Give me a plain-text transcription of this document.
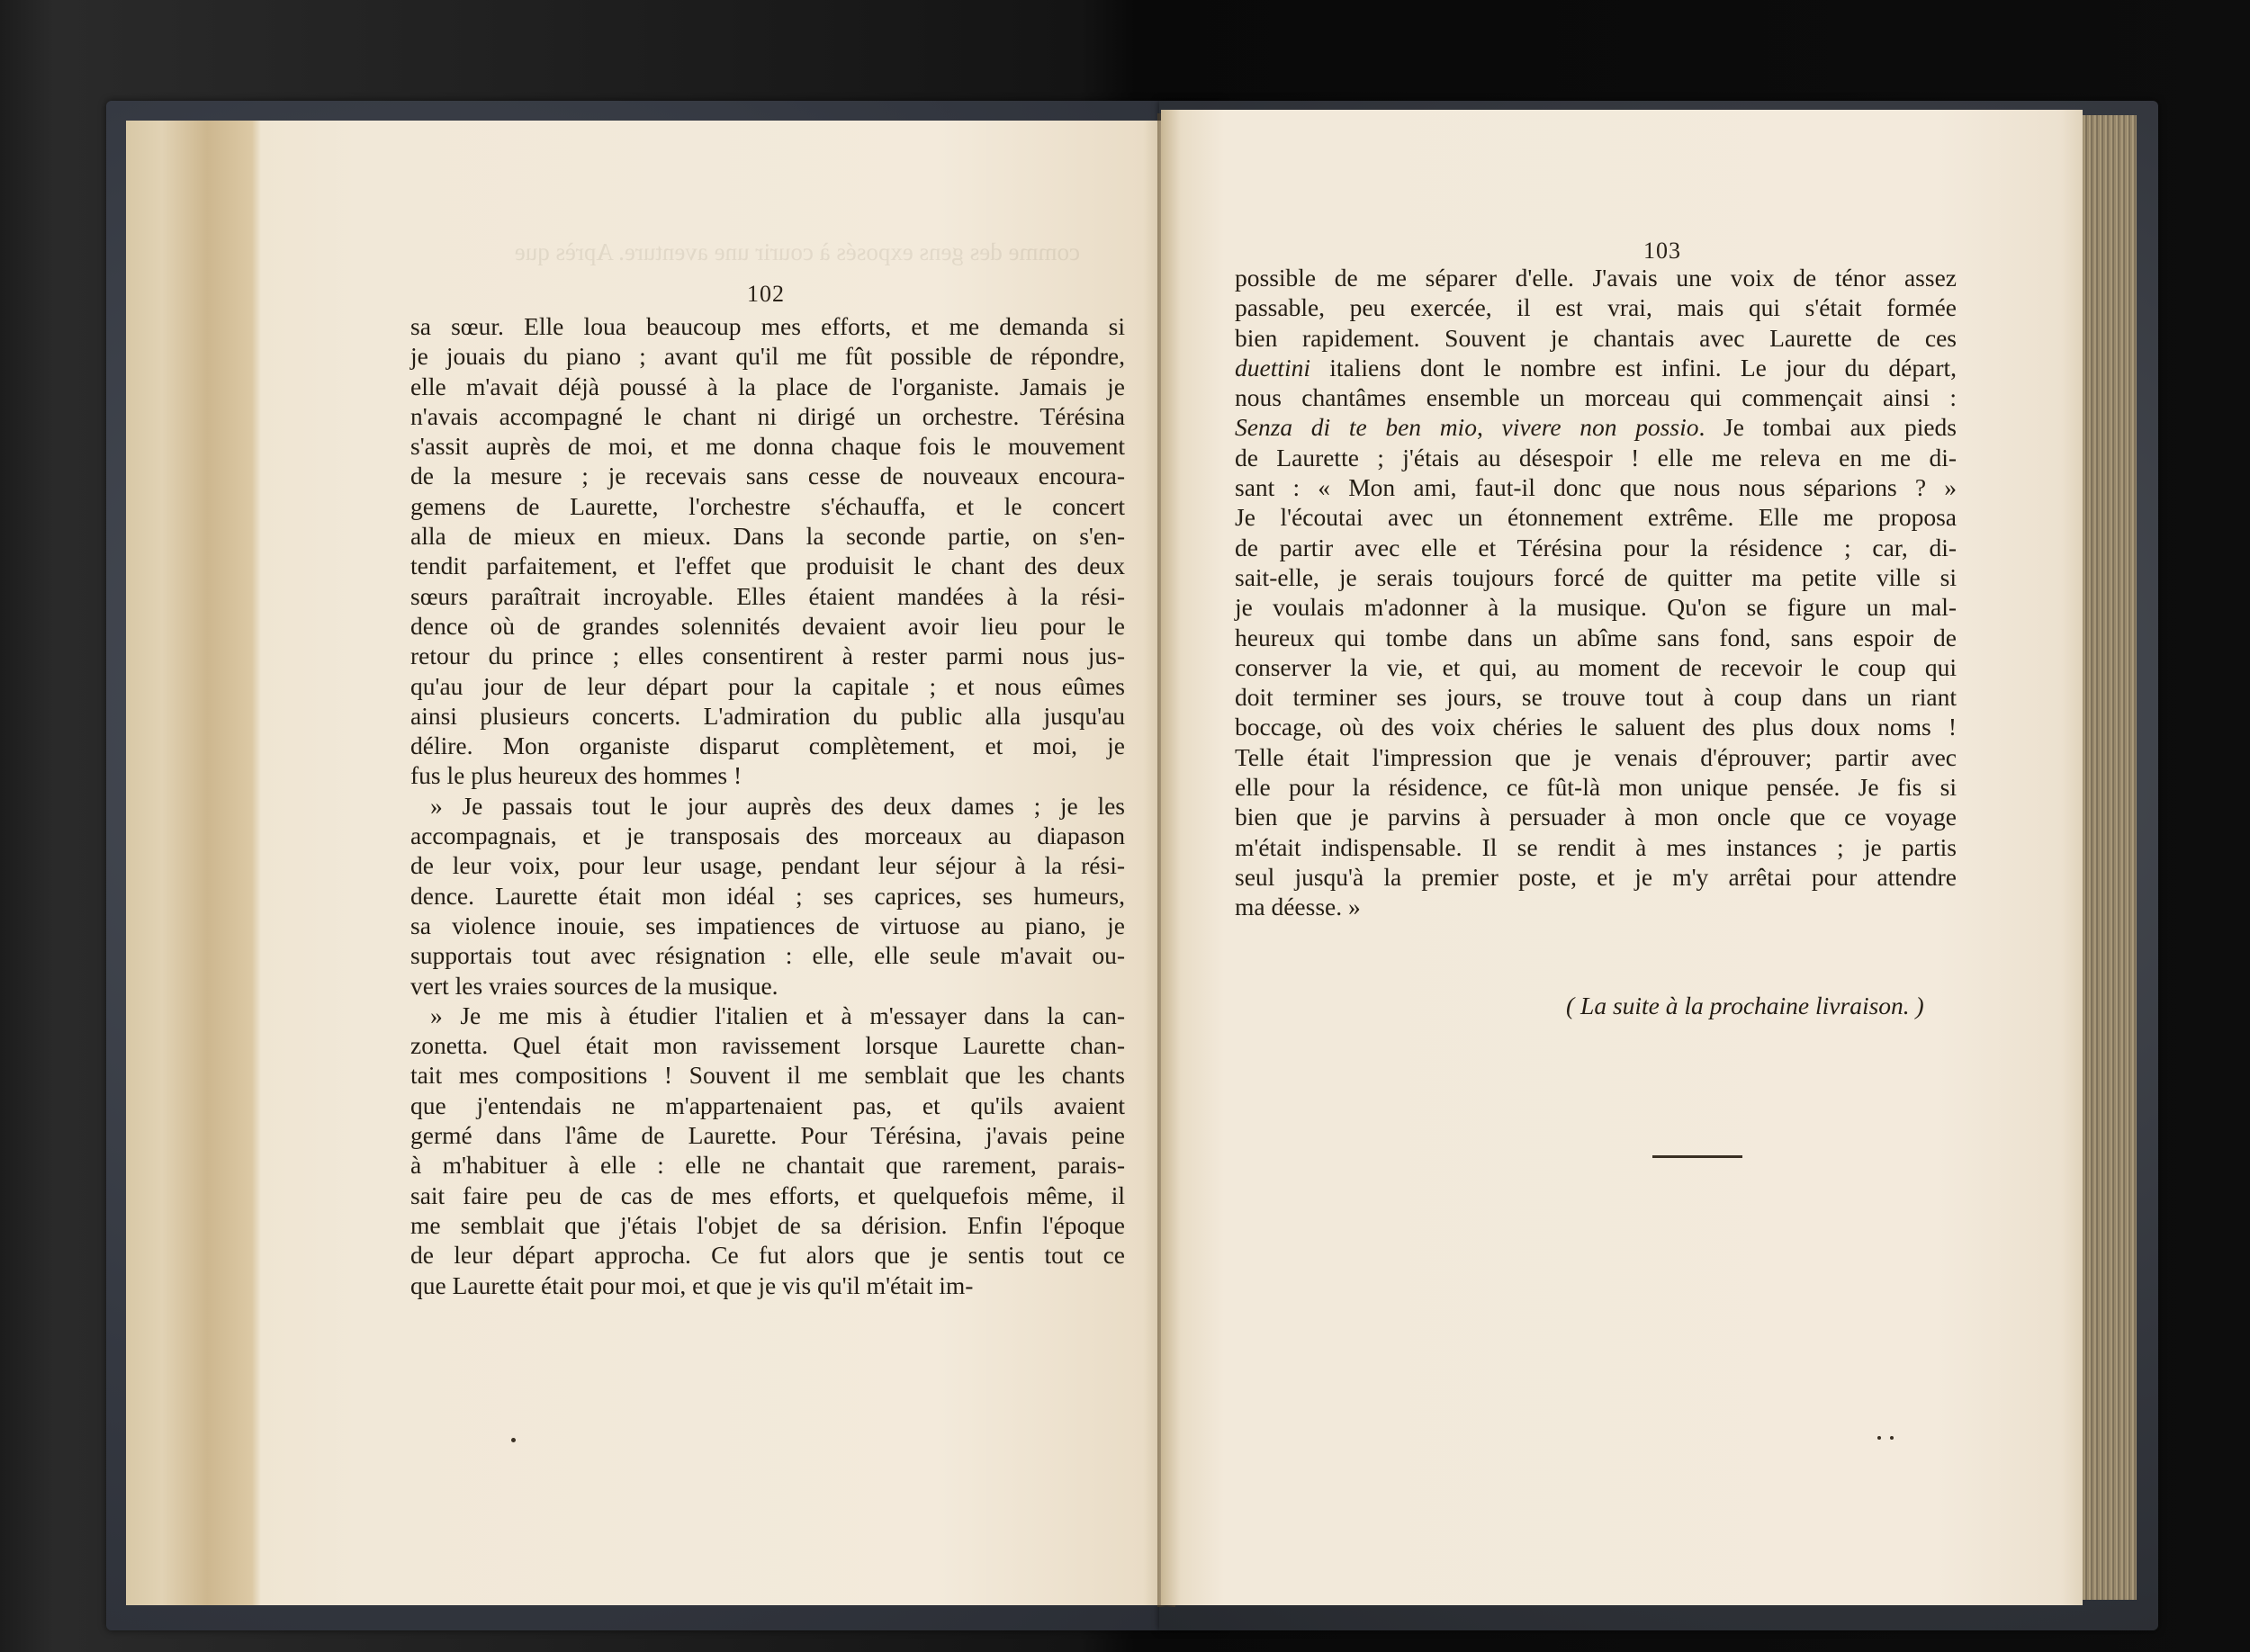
comme des gens exposés à courir une aventure. Après que
102
sa sœur. Elle loua beaucoup mes efforts, et me demanda si
je jouais du piano ; avant qu'il me fût possible de répondre,
elle m'avait déjà poussé à la place de l'organiste. Jamais je
n'avais accompagné le chant ni dirigé un orchestre. Térésina
s'assit auprès de moi, et me donna chaque fois le mouvement
de la mesure ; je recevais sans cesse de nouveaux encoura-
gemens de Laurette, l'orchestre s'échauffa, et le concert
alla de mieux en mieux. Dans la seconde partie, on s'en-
tendit parfaitement, et l'effet que produisit le chant des deux
sœurs paraîtrait incroyable. Elles étaient mandées à la rési-
dence où de grandes solennités devaient avoir lieu pour le
retour du prince ; elles consentirent à rester parmi nous jus-
qu'au jour de leur départ pour la capitale ; et nous eûmes
ainsi plusieurs concerts. L'admiration du public alla jusqu'au
délire. Mon organiste disparut complètement, et moi, je
fus le plus heureux des hommes !
» Je passais tout le jour auprès des deux dames ; je les
accompagnais, et je transposais des morceaux au diapason
de leur voix, pour leur usage, pendant leur séjour à la rési-
dence. Laurette était mon idéal ; ses caprices, ses humeurs,
sa violence inouie, ses impatiences de virtuose au piano, je
supportais tout avec résignation : elle, elle seule m'avait ou-
vert les vraies sources de la musique.
» Je me mis à étudier l'italien et à m'essayer dans la can-
zonetta. Quel était mon ravissement lorsque Laurette chan-
tait mes compositions ! Souvent il me semblait que les chants
que j'entendais ne m'appartenaient pas, et qu'ils avaient
germé dans l'âme de Laurette. Pour Térésina, j'avais peine
à m'habituer à elle : elle ne chantait que rarement, parais-
sait faire peu de cas de mes efforts, et quelquefois même, il
me semblait que j'étais l'objet de sa dérision. Enfin l'époque
de leur départ approcha. Ce fut alors que je sentis tout ce
que Laurette était pour moi, et que je vis qu'il m'était im-
103
possible de me séparer d'elle. J'avais une voix de ténor assez
passable, peu exercée, il est vrai, mais qui s'était formée
bien rapidement. Souvent je chantais avec Laurette de ces
duettini italiens dont le nombre est infini. Le jour du départ,
nous chantâmes ensemble un morceau qui commençait ainsi :
Senza di te ben mio, vivere non possio. Je tombai aux pieds
de Laurette ; j'étais au désespoir ! elle me releva en me di-
sant : « Mon ami, faut-il donc que nous nous séparions ? »
Je l'écoutai avec un étonnement extrême. Elle me proposa
de partir avec elle et Térésina pour la résidence ; car, di-
sait-elle, je serais toujours forcé de quitter ma petite ville si
je voulais m'adonner à la musique. Qu'on se figure un mal-
heureux qui tombe dans un abîme sans fond, sans espoir de
conserver la vie, et qui, au moment de recevoir le coup qui
doit terminer ses jours, se trouve tout à coup dans un riant
boccage, où des voix chéries le saluent des plus doux noms !
Telle était l'impression que je venais d'éprouver; partir avec
elle pour la résidence, ce fût-là mon unique pensée. Je fis si
bien que je parvins à persuader à mon oncle que ce voyage
m'était indispensable. Il se rendit à mes instances ; je partis
seul jusqu'à la premier poste, et je m'y arrêtai pour attendre
ma déesse. »
( La suite à la prochaine livraison. )
